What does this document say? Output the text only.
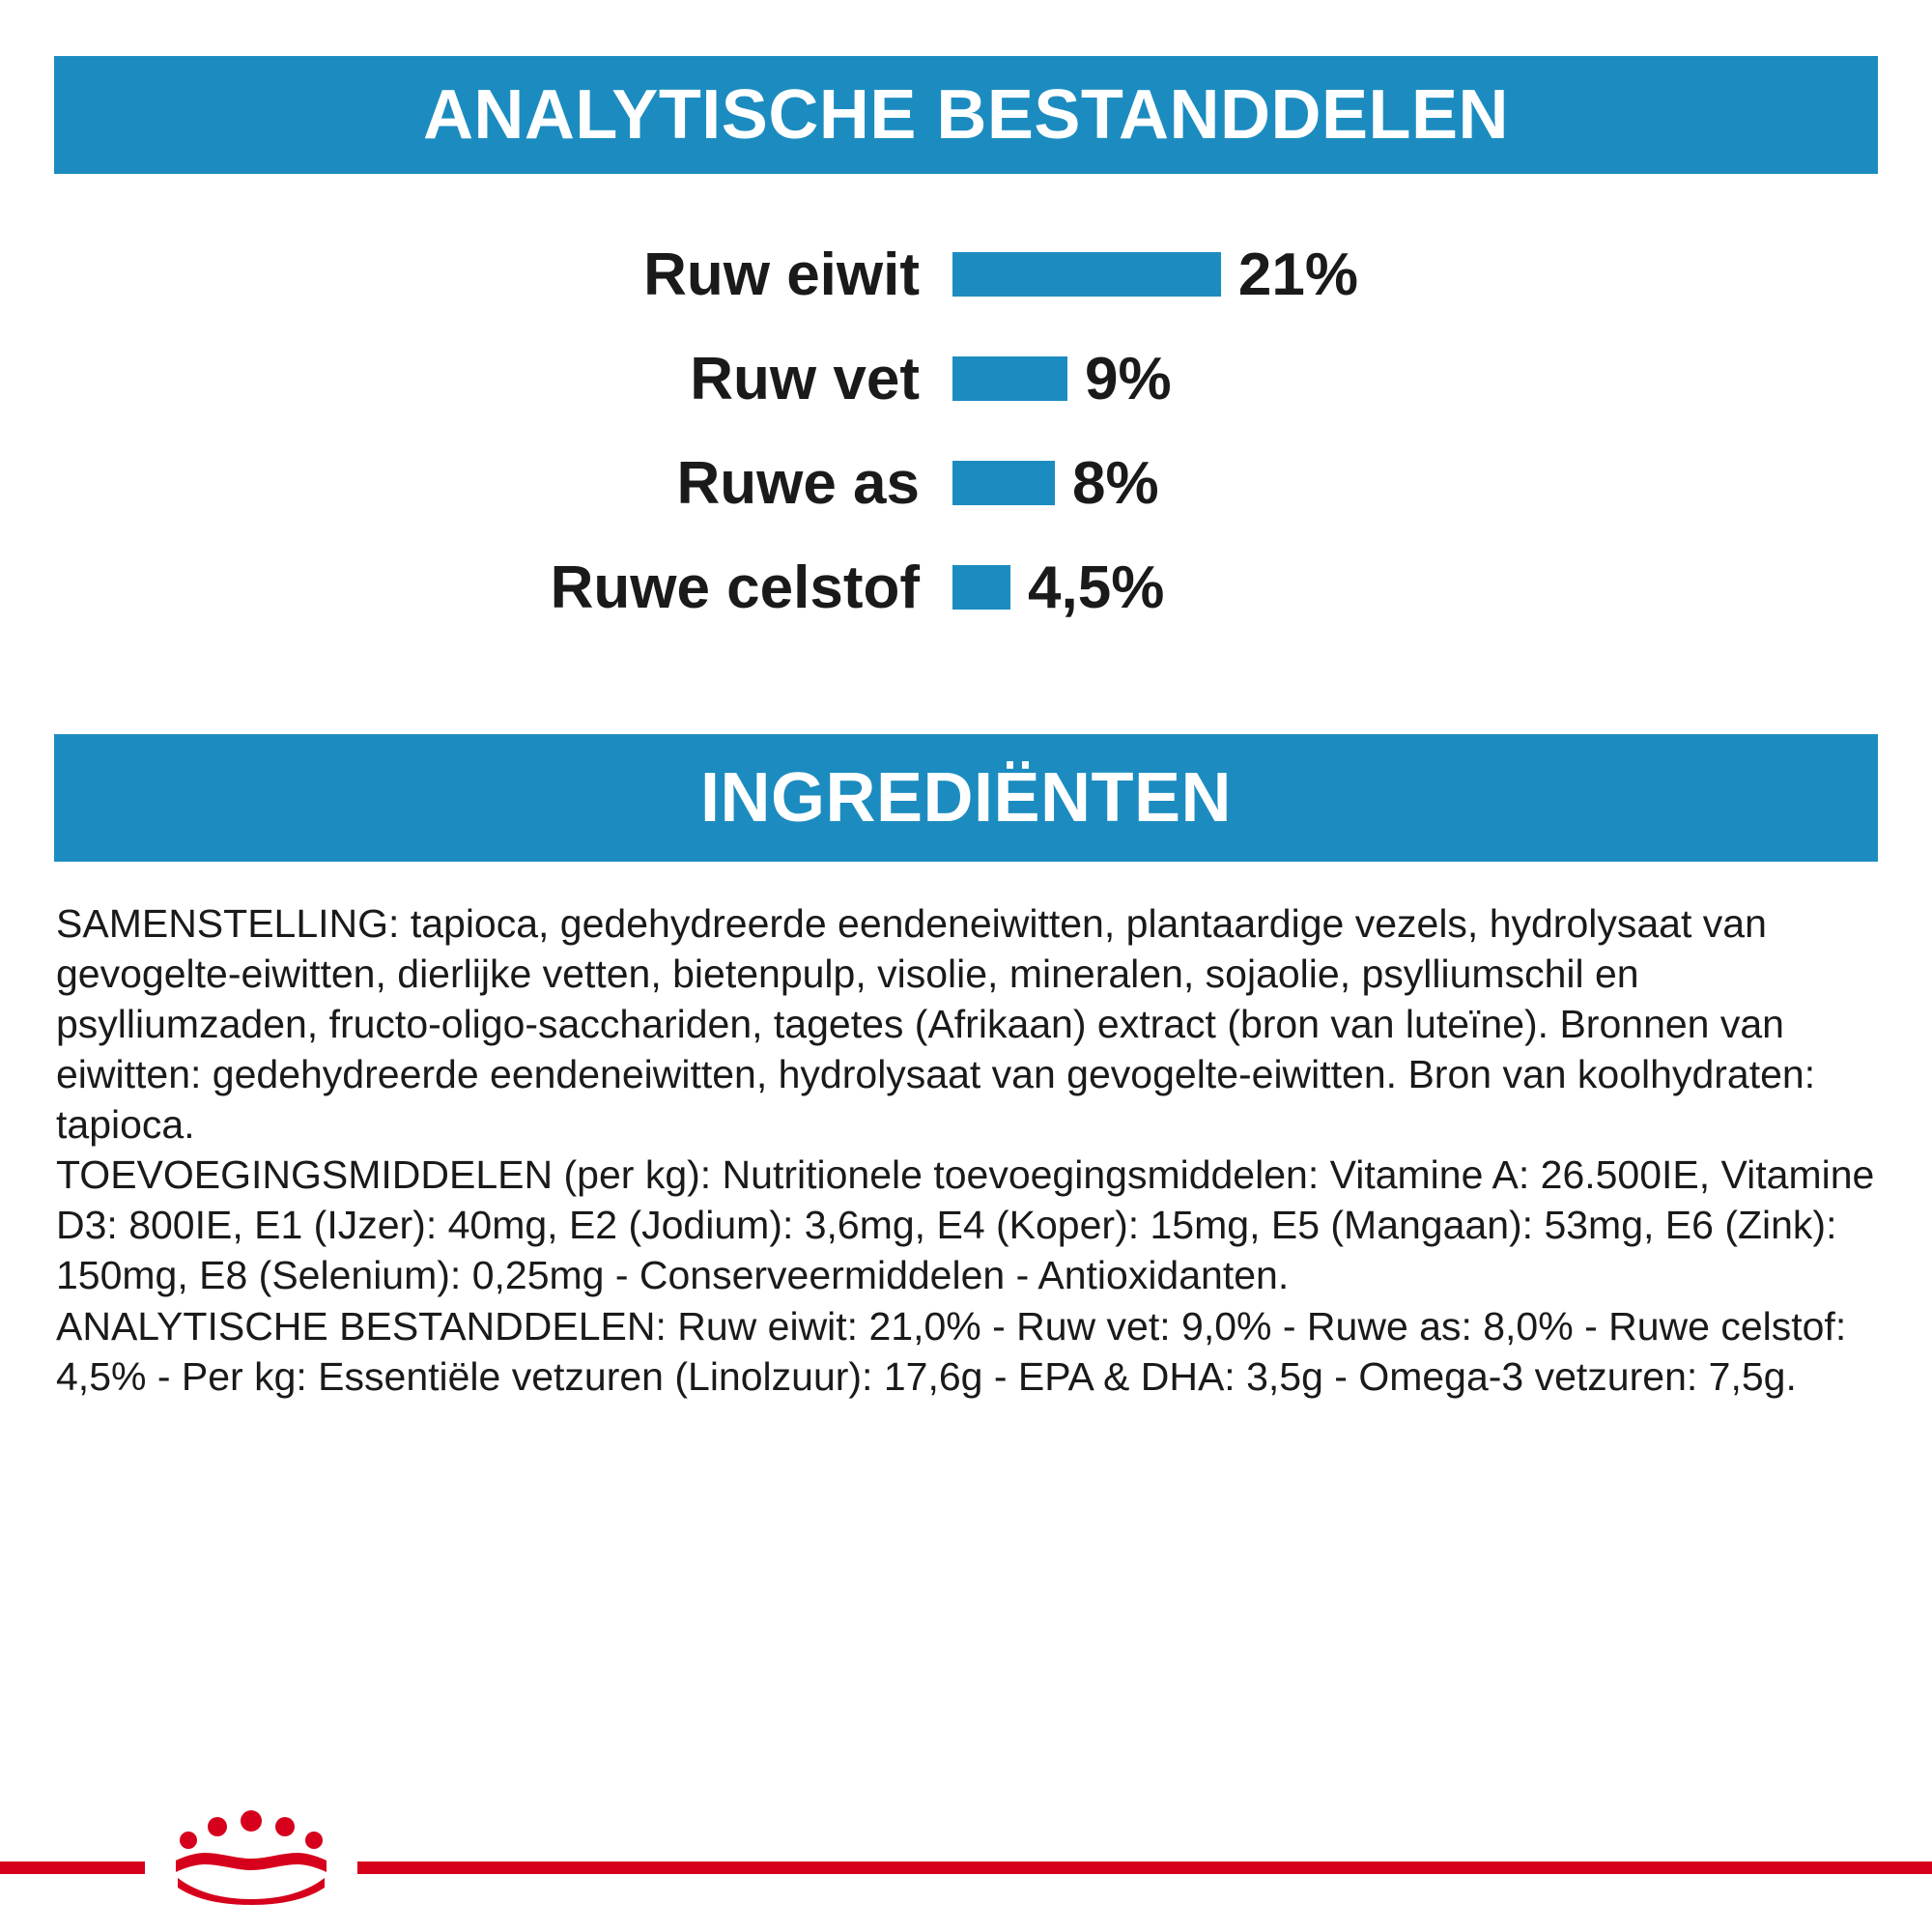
ANALYTISCHE BESTANDDELEN
Ruw eiwit	21%
Ruw vet	9%
Ruwe as	8%
Ruwe celstof	4,5%
INGREDIËNTEN

SAMENSTELLING: tapioca, gedehydreerde eendeneiwitten, plantaardige vezels, hydrolysaat van gevogelte-eiwitten, dierlijke vetten, bietenpulp, visolie, mineralen, sojaolie, psylliumschil en psylliumzaden, fructo-oligo-sacchariden, tagetes (Afrikaan) extract (bron van luteïne). Bronnen van eiwitten: gedehydreerde eendeneiwitten, hydrolysaat van gevogelte-eiwitten. Bron van koolhydraten: tapioca.

TOEVOEGINGSMIDDELEN (per kg): Nutritionele toevoegingsmiddelen: Vitamine A: 26.500IE, Vitamine D3: 800IE, E1 (IJzer): 40mg, E2 (Jodium): 3,6mg, E4 (Koper): 15mg, E5 (Mangaan): 53mg, E6 (Zink): 150mg, E8 (Selenium): 0,25mg - Conserveermiddelen - Antioxidanten.

ANALYTISCHE BESTANDDELEN: Ruw eiwit: 21,0% - Ruw vet: 9,0% - Ruwe as: 8,0% - Ruwe celstof: 4,5% - Per kg: Essentiële vetzuren (Linolzuur): 17,6g - EPA & DHA: 3,5g - Omega-3 vetzuren: 7,5g.
